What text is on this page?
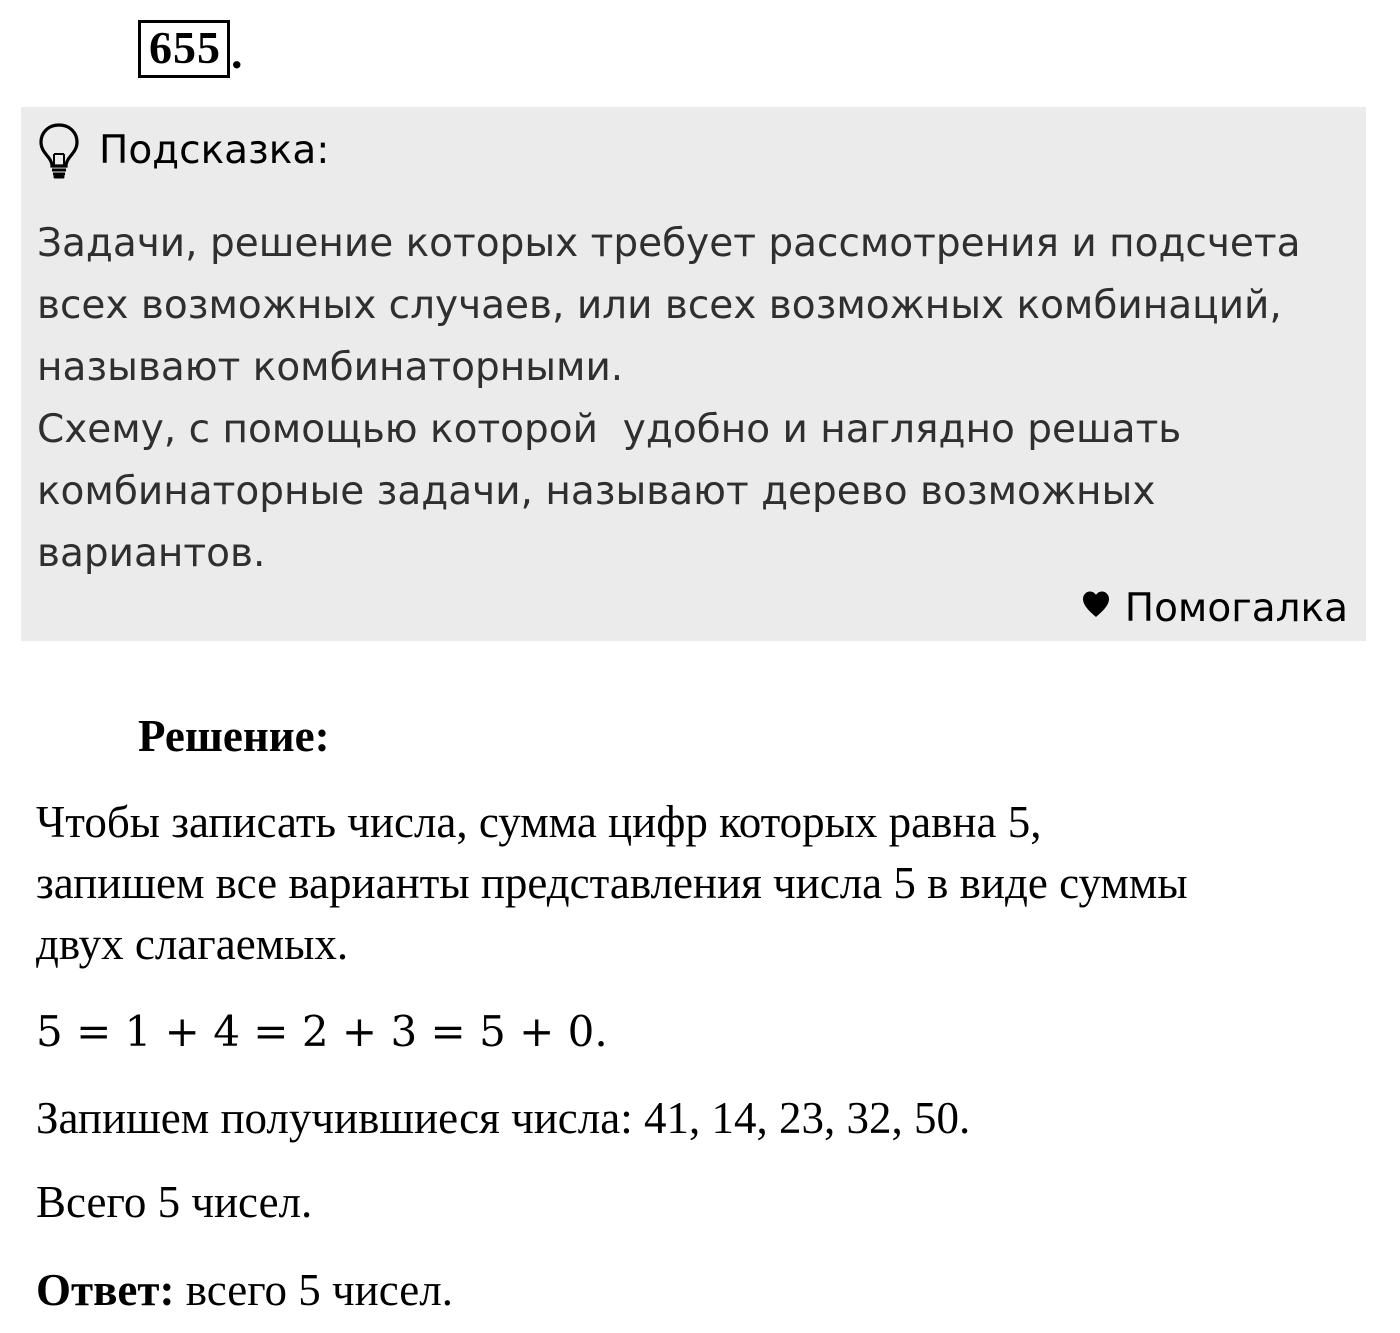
655 .
Подсказка:
Задачи, решение которых требует рассмотрения и подсчета
всех возможных случаев, или всех возможных комбинаций,
называют комбинаторными.
Схему, с помощью которой  удобно и наглядно решать
комбинаторные задачи, называют дерево возможных
вариантов.
Помогалка
Решение:
Чтобы записать числа, сумма цифр которых равна 5,
запишем все варианты представления числа 5 в виде суммы
двух слагаемых.
5 = 1 + 4 = 2 + 3 = 5 + 0.
Запишем получившиеся числа: 41, 14, 23, 32, 50.
Всего 5 чисел.
Ответ: всего 5 чисел.
